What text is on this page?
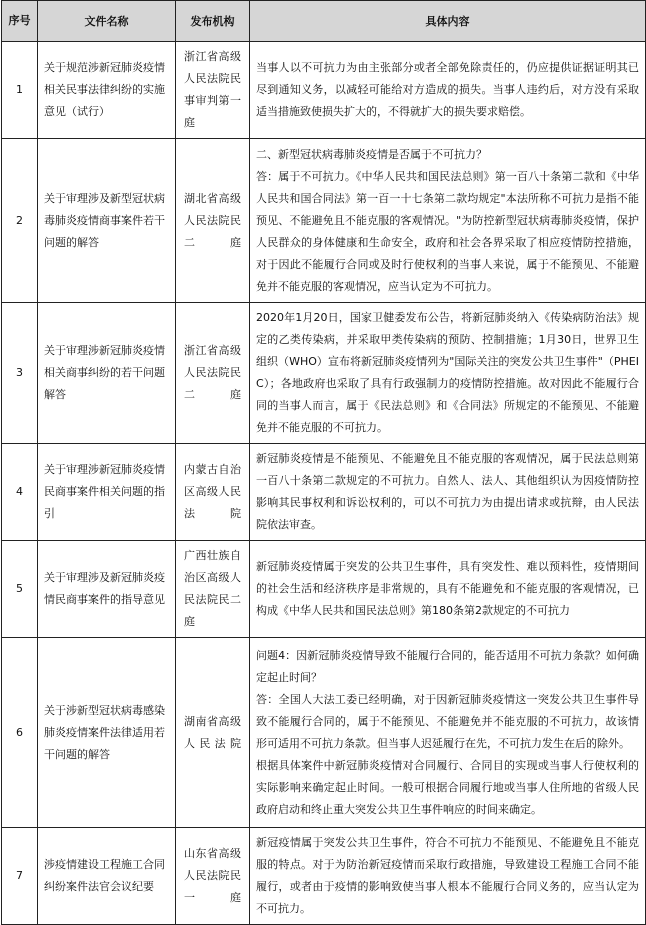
序号	文件名称	发布机构	具体内容
1	关于规范涉新冠肺炎疫情相关民事法律纠纷的实施意见（试行）	浙江省高级人民法院民事审判第一庭	当事人以不可抗力为由主张部分或者全部免除责任的，仍应提供证据证明其已尽到通知义务，以减轻可能给对方造成的损失。当事人违约后，对方没有采取适当措施致使损失扩大的，不得就扩大的损失要求赔偿。

2	关于审理涉及新型冠状病毒肺炎疫情商事案件若干问题的解答	湖北省高级人民法院民二庭	二、新型冠状病毒肺炎疫情是否属于不可抗力？
答：属于不可抗力。《中华人民共和国民法总则》第一百八十条第二款和《中华人民共和国合同法》第一百一十七条第二款均规定"本法所称不可抗力是指不能预见、不能避免且不能克服的客观情况。"为防控新型冠状病毒肺炎疫情，保护人民群众的身体健康和生命安全，政府和社会各界采取了相应疫情防控措施，对于因此不能履行合同或及时行使权利的当事人来说，属于不能预见、不能避免并不能克服的客观情况，应当认定为不可抗力。

3	关于审理涉新冠肺炎疫情相关商事纠纷的若干问题解答	浙江省高级人民法院民二庭	2020年1月20日，国家卫健委发布公告，将新冠肺炎纳入《传染病防治法》规定的乙类传染病，并采取甲类传染病的预防、控制措施；1月30日，世界卫生组织（WHO）宣布将新冠肺炎疫情列为"国际关注的突发公共卫生事件"（PHEIC）；各地政府也采取了具有行政强制力的疫情防控措施。故对因此不能履行合同的当事人而言，属于《民法总则》和《合同法》所规定的不能预见、不能避免并不能克服的不可抗力。

4	关于审理涉新冠肺炎疫情民商事案件相关问题的指引	内蒙古自治区高级人民法院	新冠肺炎疫情是不能预见、不能避免且不能克服的客观情况，属于民法总则第一百八十条第二款规定的不可抗力。自然人、法人、其他组织认为因疫情防控影响其民事权利和诉讼权利的，可以不可抗力为由提出请求或抗辩，由人民法院依法审查。

5	关于审理涉及新冠肺炎疫情民商事案件的指导意见	广西壮族自治区高级人民法院民二庭	新冠肺炎疫情属于突发的公共卫生事件，具有突发性、难以预料性，疫情期间的社会生活和经济秩序是非常规的，具有不能避免和不能克服的客观情况，已构成《中华人民共和国民法总则》第180条第2款规定的不可抗力

6	关于涉新型冠状病毒感染肺炎疫情案件法律适用若干问题的解答	湖南省高级人民法院	问题4：因新冠肺炎疫情导致不能履行合同的，能否适用不可抗力条款？如何确定起止时间？
答：全国人大法工委已经明确，对于因新冠肺炎疫情这一突发公共卫生事件导致不能履行合同的，属于不能预见、不能避免并不能克服的不可抗力，故该情形可适用不可抗力条款。但当事人迟延履行在先，不可抗力发生在后的除外。
根据具体案件中新冠肺炎疫情对合同履行、合同目的实现或当事人行使权利的实际影响来确定起止时间。一般可根据合同履行地或当事人住所地的省级人民政府启动和终止重大突发公共卫生事件响应的时间来确定。

7	涉疫情建设工程施工合同纠纷案件法官会议纪要	山东省高级人民法院民一庭	新冠疫情属于突发公共卫生事件，符合不可抗力不能预见、不能避免且不能克服的特点。对于为防治新冠疫情而采取行政措施，导致建设工程施工合同不能履行，或者由于疫情的影响致使当事人根本不能履行合同义务的，应当认定为不可抗力。
